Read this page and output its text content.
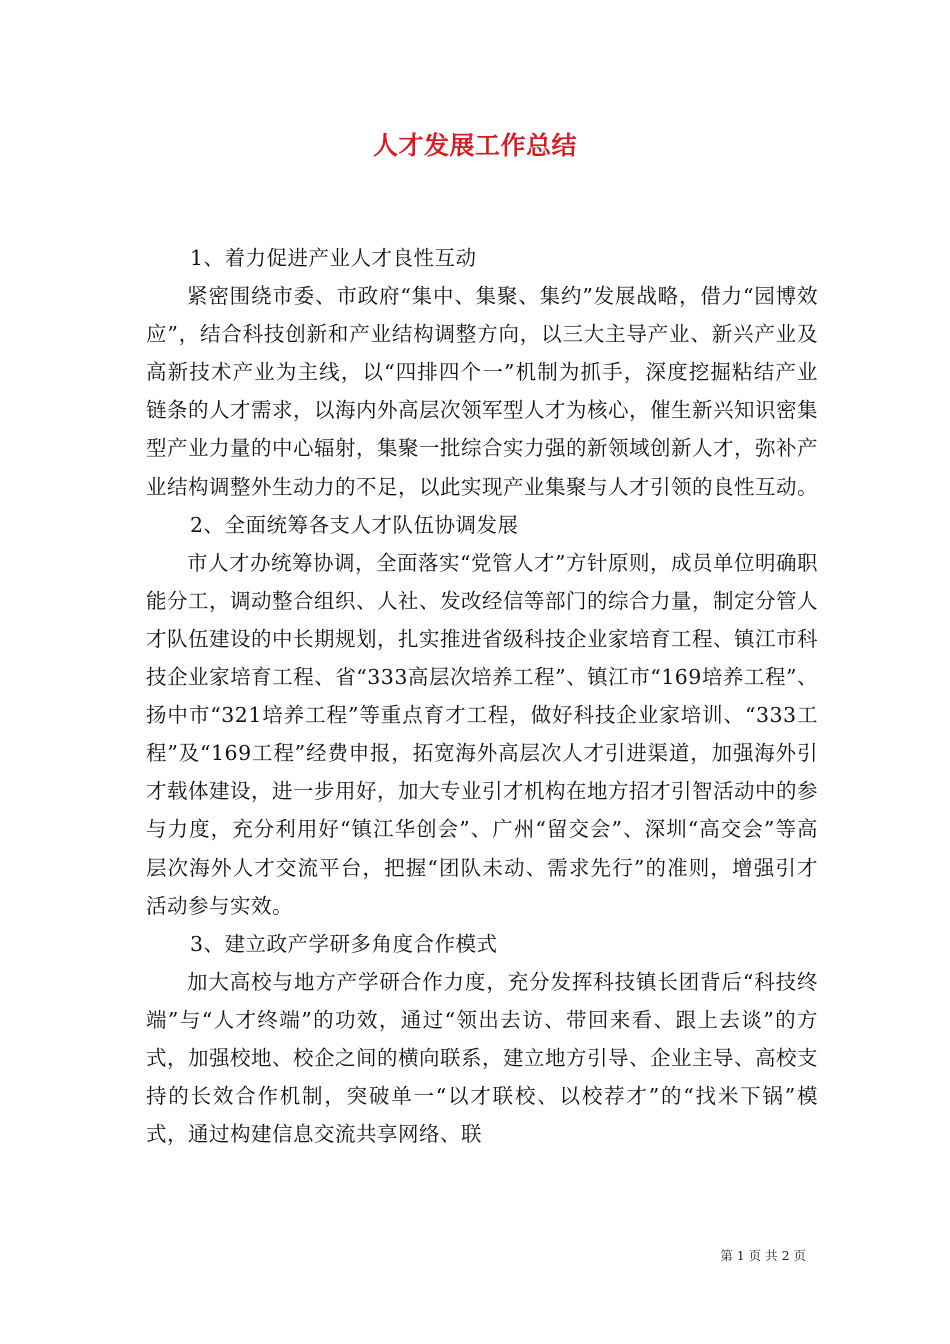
人才发展工作总结

1、着力促进产业人才良性互动

紧密围绕市委、市政府“集中、集聚、集约”发展战略，借力“园博效应”，结合科技创新和产业结构调整方向，以三大主导产业、新兴产业及高新技术产业为主线，以“四排四个一”机制为抓手，深度挖掘粘结产业链条的人才需求，以海内外高层次领军型人才为核心，催生新兴知识密集型产业力量的中心辐射，集聚一批综合实力强的新领域创新人才，弥补产业结构调整外生动力的不足，以此实现产业集聚与人才引领的良性互动。

2、全面统筹各支人才队伍协调发展

市人才办统筹协调，全面落实“党管人才”方针原则，成员单位明确职能分工，调动整合组织、人社、发改经信等部门的综合力量，制定分管人才队伍建设的中长期规划，扎实推进省级科技企业家培育工程、镇江市科技企业家培育工程、省“333高层次培养工程”、镇江市“169培养工程”、扬中市“321培养工程”等重点育才工程，做好科技企业家培训、“333工程”及“169工程”经费申报，拓宽海外高层次人才引进渠道，加强海外引才载体建设，进一步用好，加大专业引才机构在地方招才引智活动中的参与力度，充分利用好“镇江华创会”、广州“留交会”、深圳“高交会”等高层次海外人才交流平台，把握“团队未动、需求先行”的准则，增强引才活动参与实效。

3、建立政产学研多角度合作模式

加大高校与地方产学研合作力度，充分发挥科技镇长团背后“科技终端”与“人才终端”的功效，通过“领出去访、带回来看、跟上去谈”的方式，加强校地、校企之间的横向联系，建立地方引导、企业主导、高校支持的长效合作机制，突破单一“以才联校、以校荐才”的“找米下锅”模式，通过构建信息交流共享网络、联

第 1 页 共 2 页
